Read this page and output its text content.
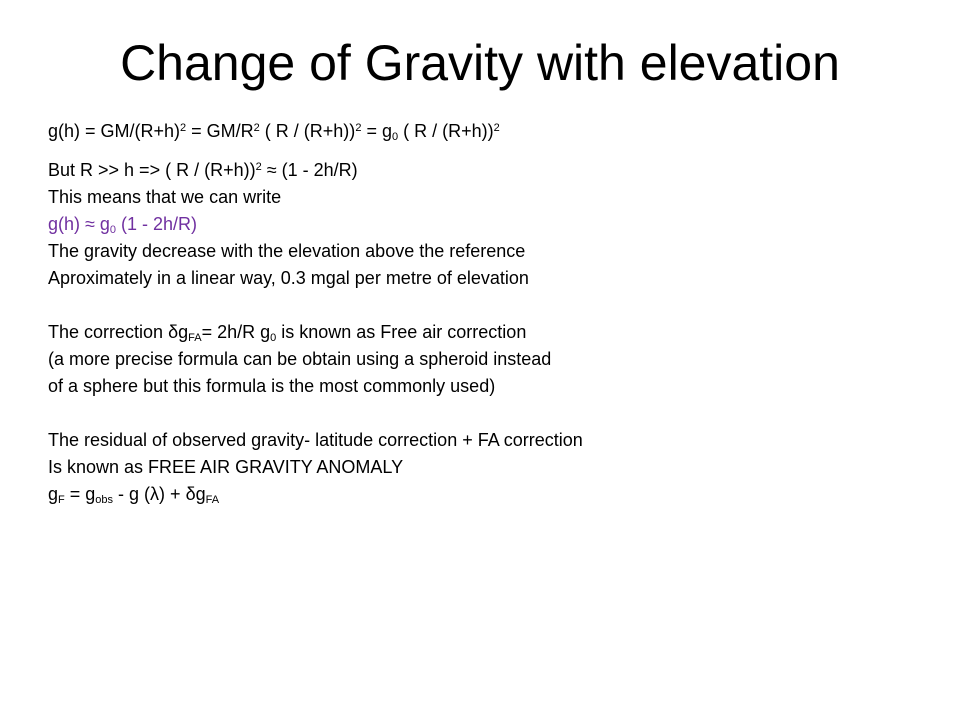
Change of Gravity with elevation
$g(h) = GM/(R+h)^2 = GM/R^2$ ( $R / (R+h))^2 = g_0$ ( R / (R+h))$^2$
But R >> h => ( R / (R+h))$^2$ ≈ (1 - 2h/R)
This means that we can write
$g(h) \approx g_0$ (1 - 2h/R)
The gravity decrease with the elevation above the reference
Aproximately in a linear way, 0.3 mgal per metre of elevation
The correction $\delta g_{FA}= 2h/R$ $g_0$ is known as Free air correction
(a more precise formula can be obtain using a spheroid instead
of a sphere but this formula is the most commonly used)
The residual of observed gravity- latitude correction + FA correction
Is known as FREE AIR GRAVITY ANOMALY
$g_F = g_{obs} - g$ $(\lambda) + \delta g_{FA}$
